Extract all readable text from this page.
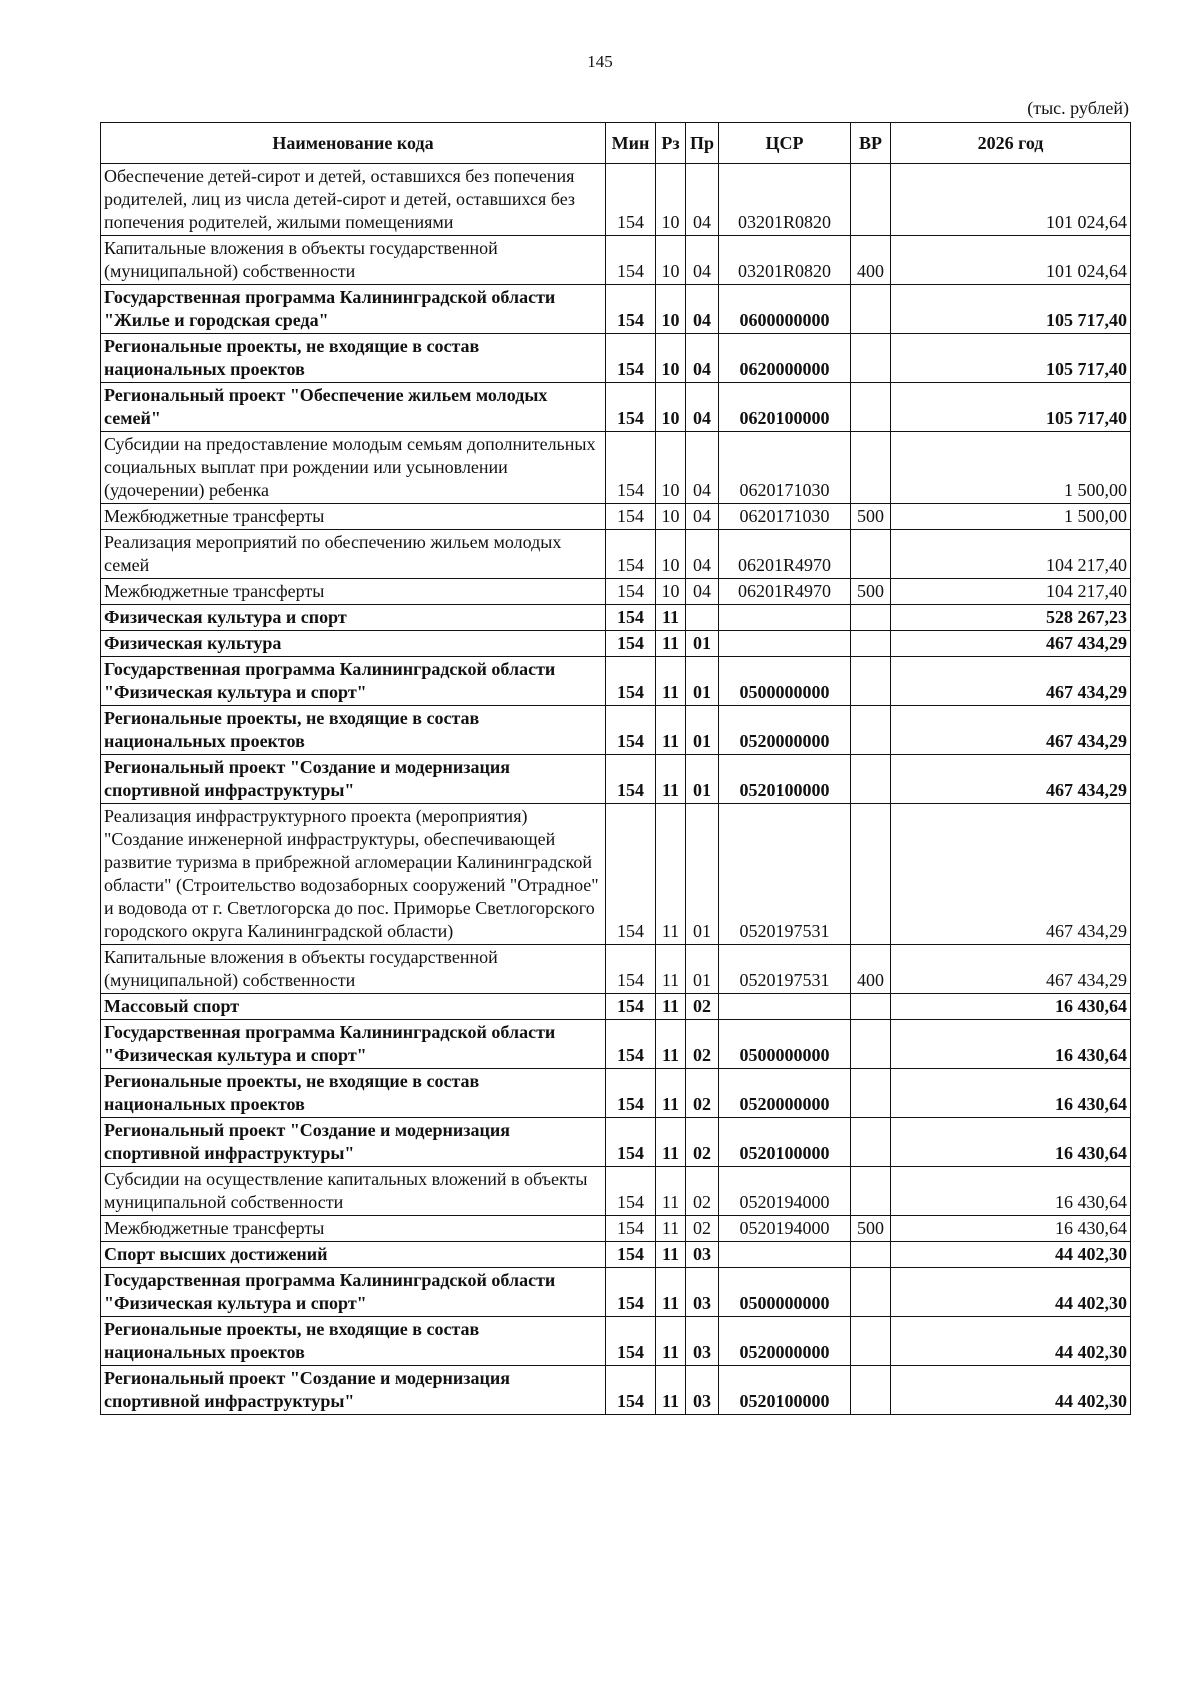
145
(тыс. рублей)
Наименование кода	Мин	Рз	Пр	ЦСР	ВР	2026 год
Обеспечение детей-сирот и детей, оставшихся без попечения родителей, лиц из числа детей-сирот и детей, оставшихся без попечения родителей, жилыми помещениями	154	10	04	03201R0820		101 024,64
Капитальные вложения в объекты государственной (муниципальной) собственности	154	10	04	03201R0820	400	101 024,64
Государственная программа Калининградской области "Жилье и городская среда"	154	10	04	0600000000		105 717,40
Региональные проекты, не входящие в состав национальных проектов	154	10	04	0620000000		105 717,40
Региональный проект "Обеспечение жильем молодых семей"	154	10	04	0620100000		105 717,40
Субсидии на предоставление молодым семьям дополнительных социальных выплат при рождении или усыновлении (удочерении) ребенка	154	10	04	0620171030		1 500,00
Межбюджетные трансферты	154	10	04	0620171030	500	1 500,00
Реализация мероприятий по обеспечению жильем молодых семей	154	10	04	06201R4970		104 217,40
Межбюджетные трансферты	154	10	04	06201R4970	500	104 217,40
Физическая культура и спорт	154	11				528 267,23
Физическая культура	154	11	01			467 434,29
Государственная программа Калининградской области "Физическая культура и спорт"	154	11	01	0500000000		467 434,29
Региональные проекты, не входящие в состав национальных проектов	154	11	01	0520000000		467 434,29
Региональный проект "Создание и модернизация спортивной инфраструктуры"	154	11	01	0520100000		467 434,29
Реализация инфраструктурного проекта (мероприятия) "Создание инженерной инфраструктуры, обеспечивающей развитие туризма в прибрежной агломерации Калининградской области" (Строительство водозаборных сооружений "Отрадное" и водовода от г. Светлогорска до пос. Приморье Светлогорского городского округа Калининградской области)	154	11	01	0520197531		467 434,29
Капитальные вложения в объекты государственной (муниципальной) собственности	154	11	01	0520197531	400	467 434,29
Массовый спорт	154	11	02			16 430,64
Государственная программа Калининградской области "Физическая культура и спорт"	154	11	02	0500000000		16 430,64
Региональные проекты, не входящие в состав национальных проектов	154	11	02	0520000000		16 430,64
Региональный проект "Создание и модернизация спортивной инфраструктуры"	154	11	02	0520100000		16 430,64
Субсидии на осуществление капитальных вложений в объекты муниципальной собственности	154	11	02	0520194000		16 430,64
Межбюджетные трансферты	154	11	02	0520194000	500	16 430,64
Спорт высших достижений	154	11	03			44 402,30
Государственная программа Калининградской области "Физическая культура и спорт"	154	11	03	0500000000		44 402,30
Региональные проекты, не входящие в состав национальных проектов	154	11	03	0520000000		44 402,30
Региональный проект "Создание и модернизация спортивной инфраструктуры"	154	11	03	0520100000		44 402,30
